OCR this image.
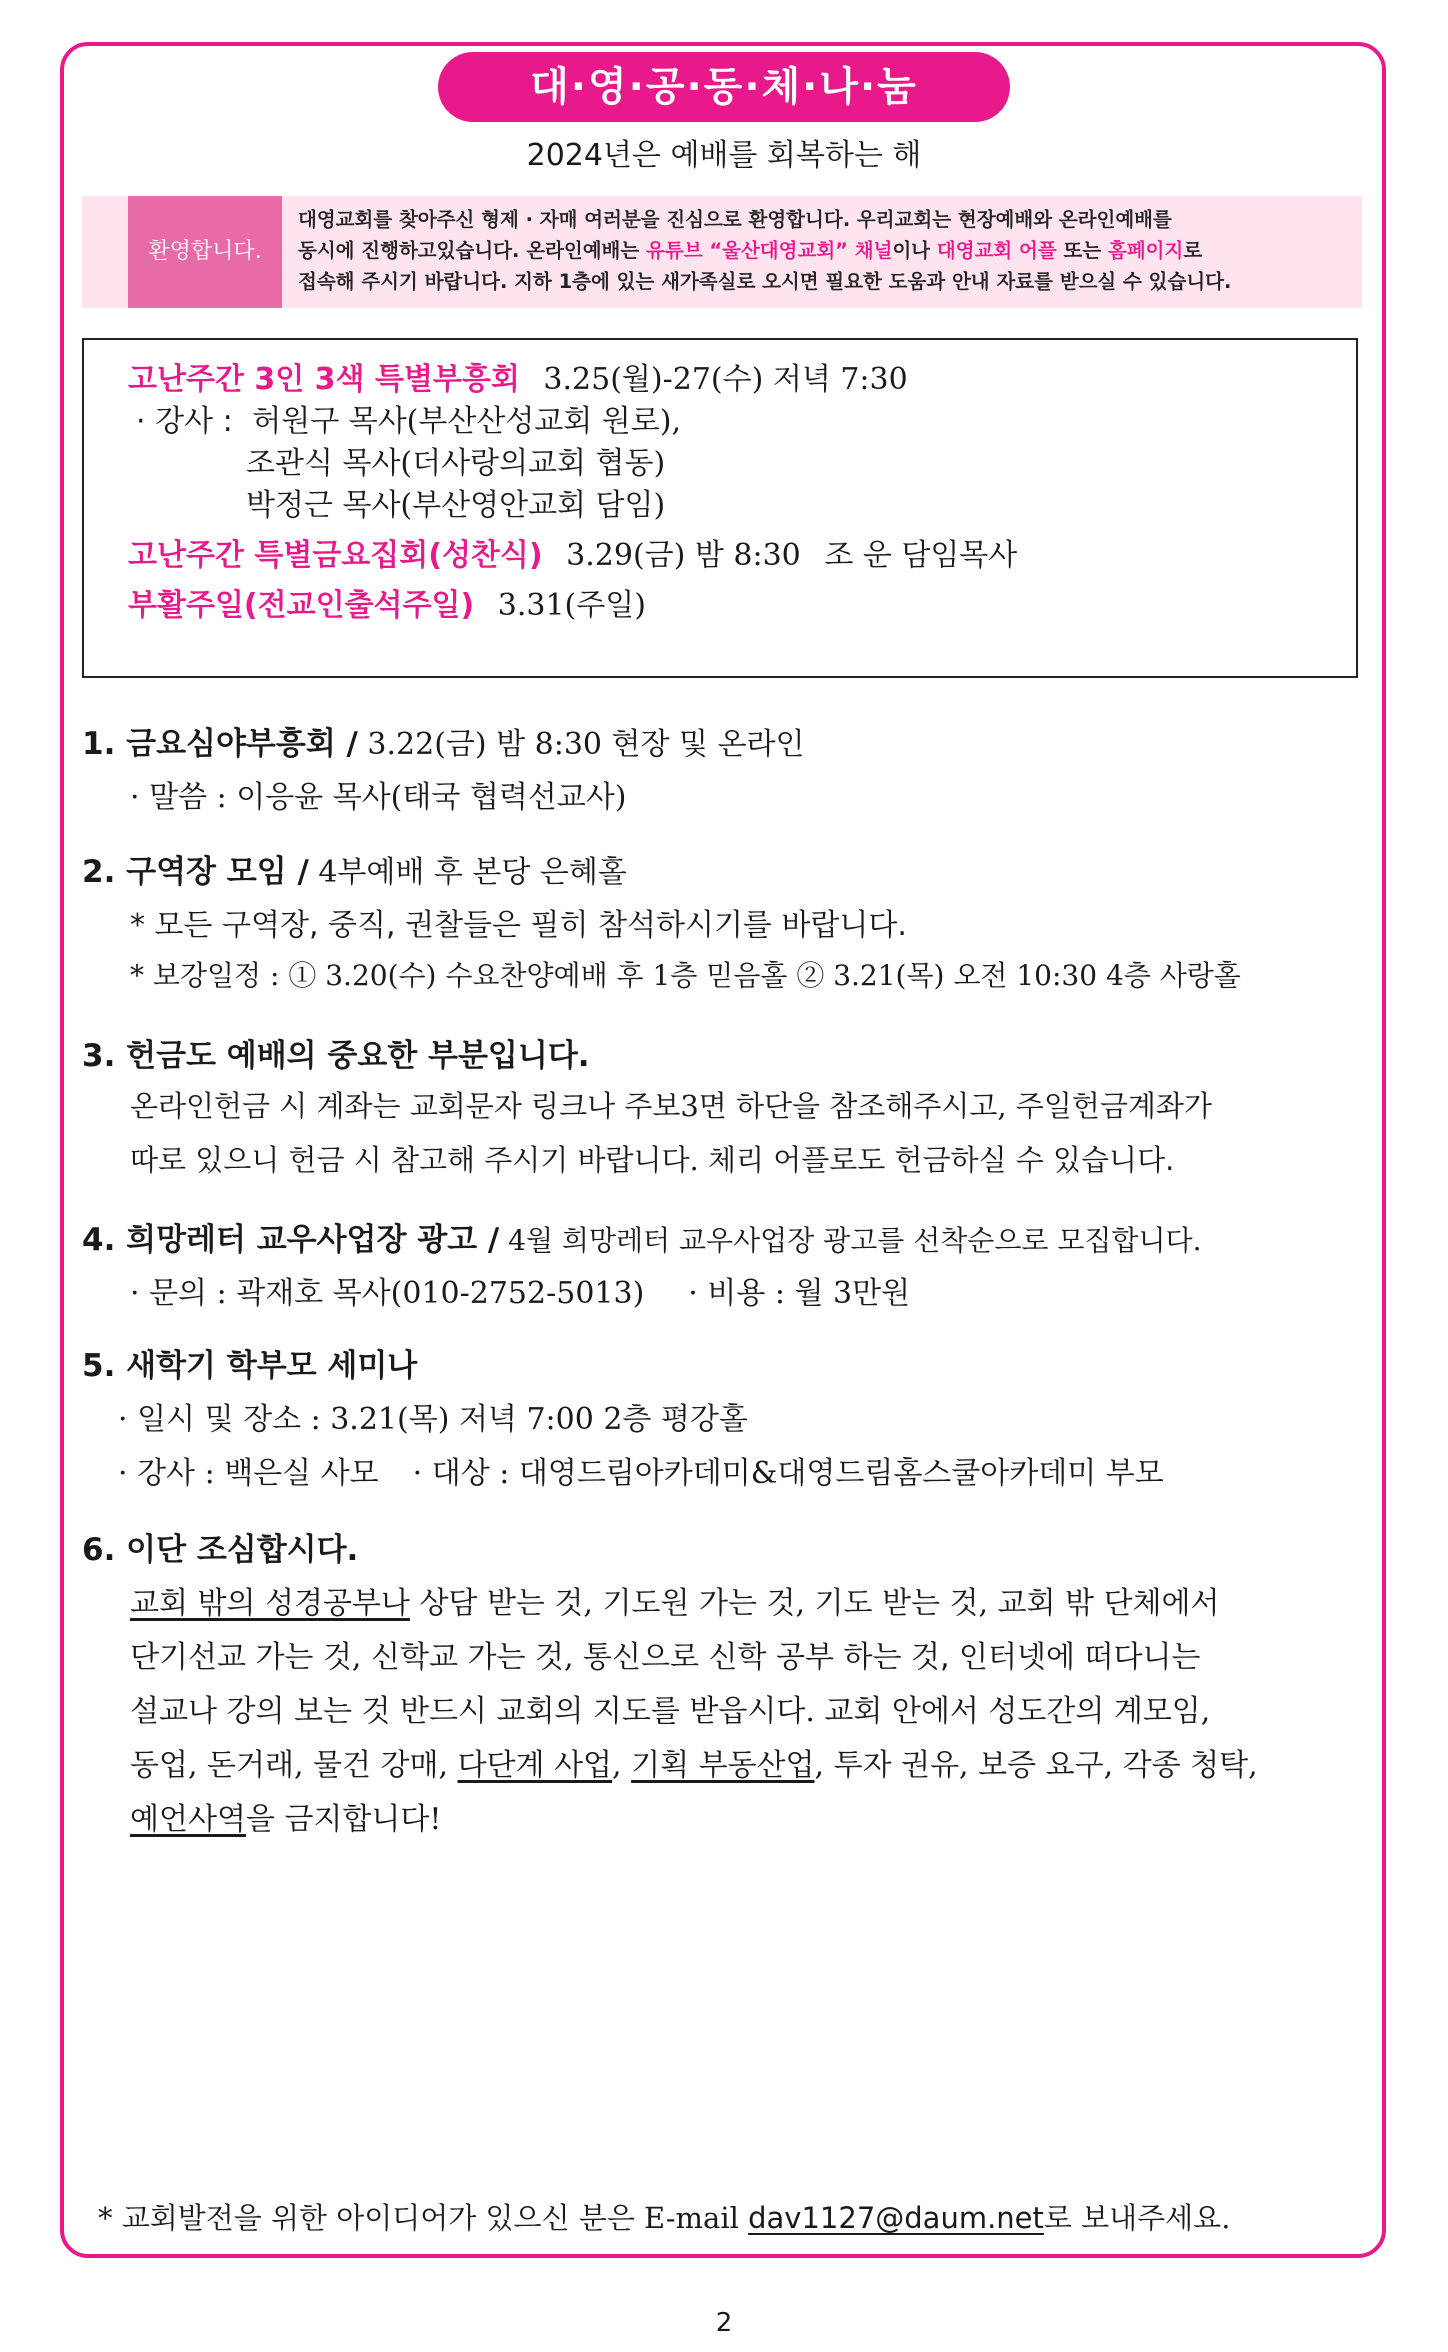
대·영·공·동·체·나·눔
2024년은 예배를 회복하는 해
환영합니다.
대영교회를 찾아주신 형제 · 자매 여러분을 진심으로 환영합니다. 우리교회는 현장예배와 온라인예배를
동시에 진행하고있습니다. 온라인예배는 유튜브 “울산대영교회” 채널이나 대영교회 어플 또는 홈페이지로
접속해 주시기 바랍니다. 지하 1층에 있는 새가족실로 오시면 필요한 도움과 안내 자료를 받으실 수 있습니다.
고난주간 3인 3색 특별부흥회 3.25(월)-27(수) 저녁 7:30
· 강사 : 허원구 목사(부산산성교회 원로),
조관식 목사(더사랑의교회 협동)
박정근 목사(부산영안교회 담임)
고난주간 특별금요집회(성찬식) 3.29(금) 밤 8:30 조 운 담임목사
부활주일(전교인출석주일) 3.31(주일)
1. 금요심야부흥회 / 3.22(금) 밤 8:30 현장 및 온라인
· 말씀 : 이응윤 목사(태국 협력선교사)
2. 구역장 모임 / 4부예배 후 본당 은혜홀
* 모든 구역장, 중직, 권찰들은 필히 참석하시기를 바랍니다.
* 보강일정 : ① 3.20(수) 수요찬양예배 후 1층 믿음홀 ② 3.21(목) 오전 10:30 4층 사랑홀
3. 헌금도 예배의 중요한 부분입니다.
온라인헌금 시 계좌는 교회문자 링크나 주보3면 하단을 참조해주시고, 주일헌금계좌가
따로 있으니 헌금 시 참고해 주시기 바랍니다. 체리 어플로도 헌금하실 수 있습니다.
4. 희망레터 교우사업장 광고 / 4월 희망레터 교우사업장 광고를 선착순으로 모집합니다.
· 문의 : 곽재호 목사(010-2752-5013) · 비용 : 월 3만원
5. 새학기 학부모 세미나
· 일시 및 장소 : 3.21(목) 저녁 7:00 2층 평강홀
· 강사 : 백은실 사모 · 대상 : 대영드림아카데미&대영드림홈스쿨아카데미 부모
6. 이단 조심합시다.
교회 밖의 성경공부나 상담 받는 것, 기도원 가는 것, 기도 받는 것, 교회 밖 단체에서
단기선교 가는 것, 신학교 가는 것, 통신으로 신학 공부 하는 것, 인터넷에 떠다니는
설교나 강의 보는 것 반드시 교회의 지도를 받읍시다. 교회 안에서 성도간의 계모임,
동업, 돈거래, 물건 강매, 다단계 사업, 기획 부동산업, 투자 권유, 보증 요구, 각종 청탁,
예언사역을 금지합니다!
* 교회발전을 위한 아이디어가 있으신 분은 E-mail dav1127@daum.net로 보내주세요.
2
